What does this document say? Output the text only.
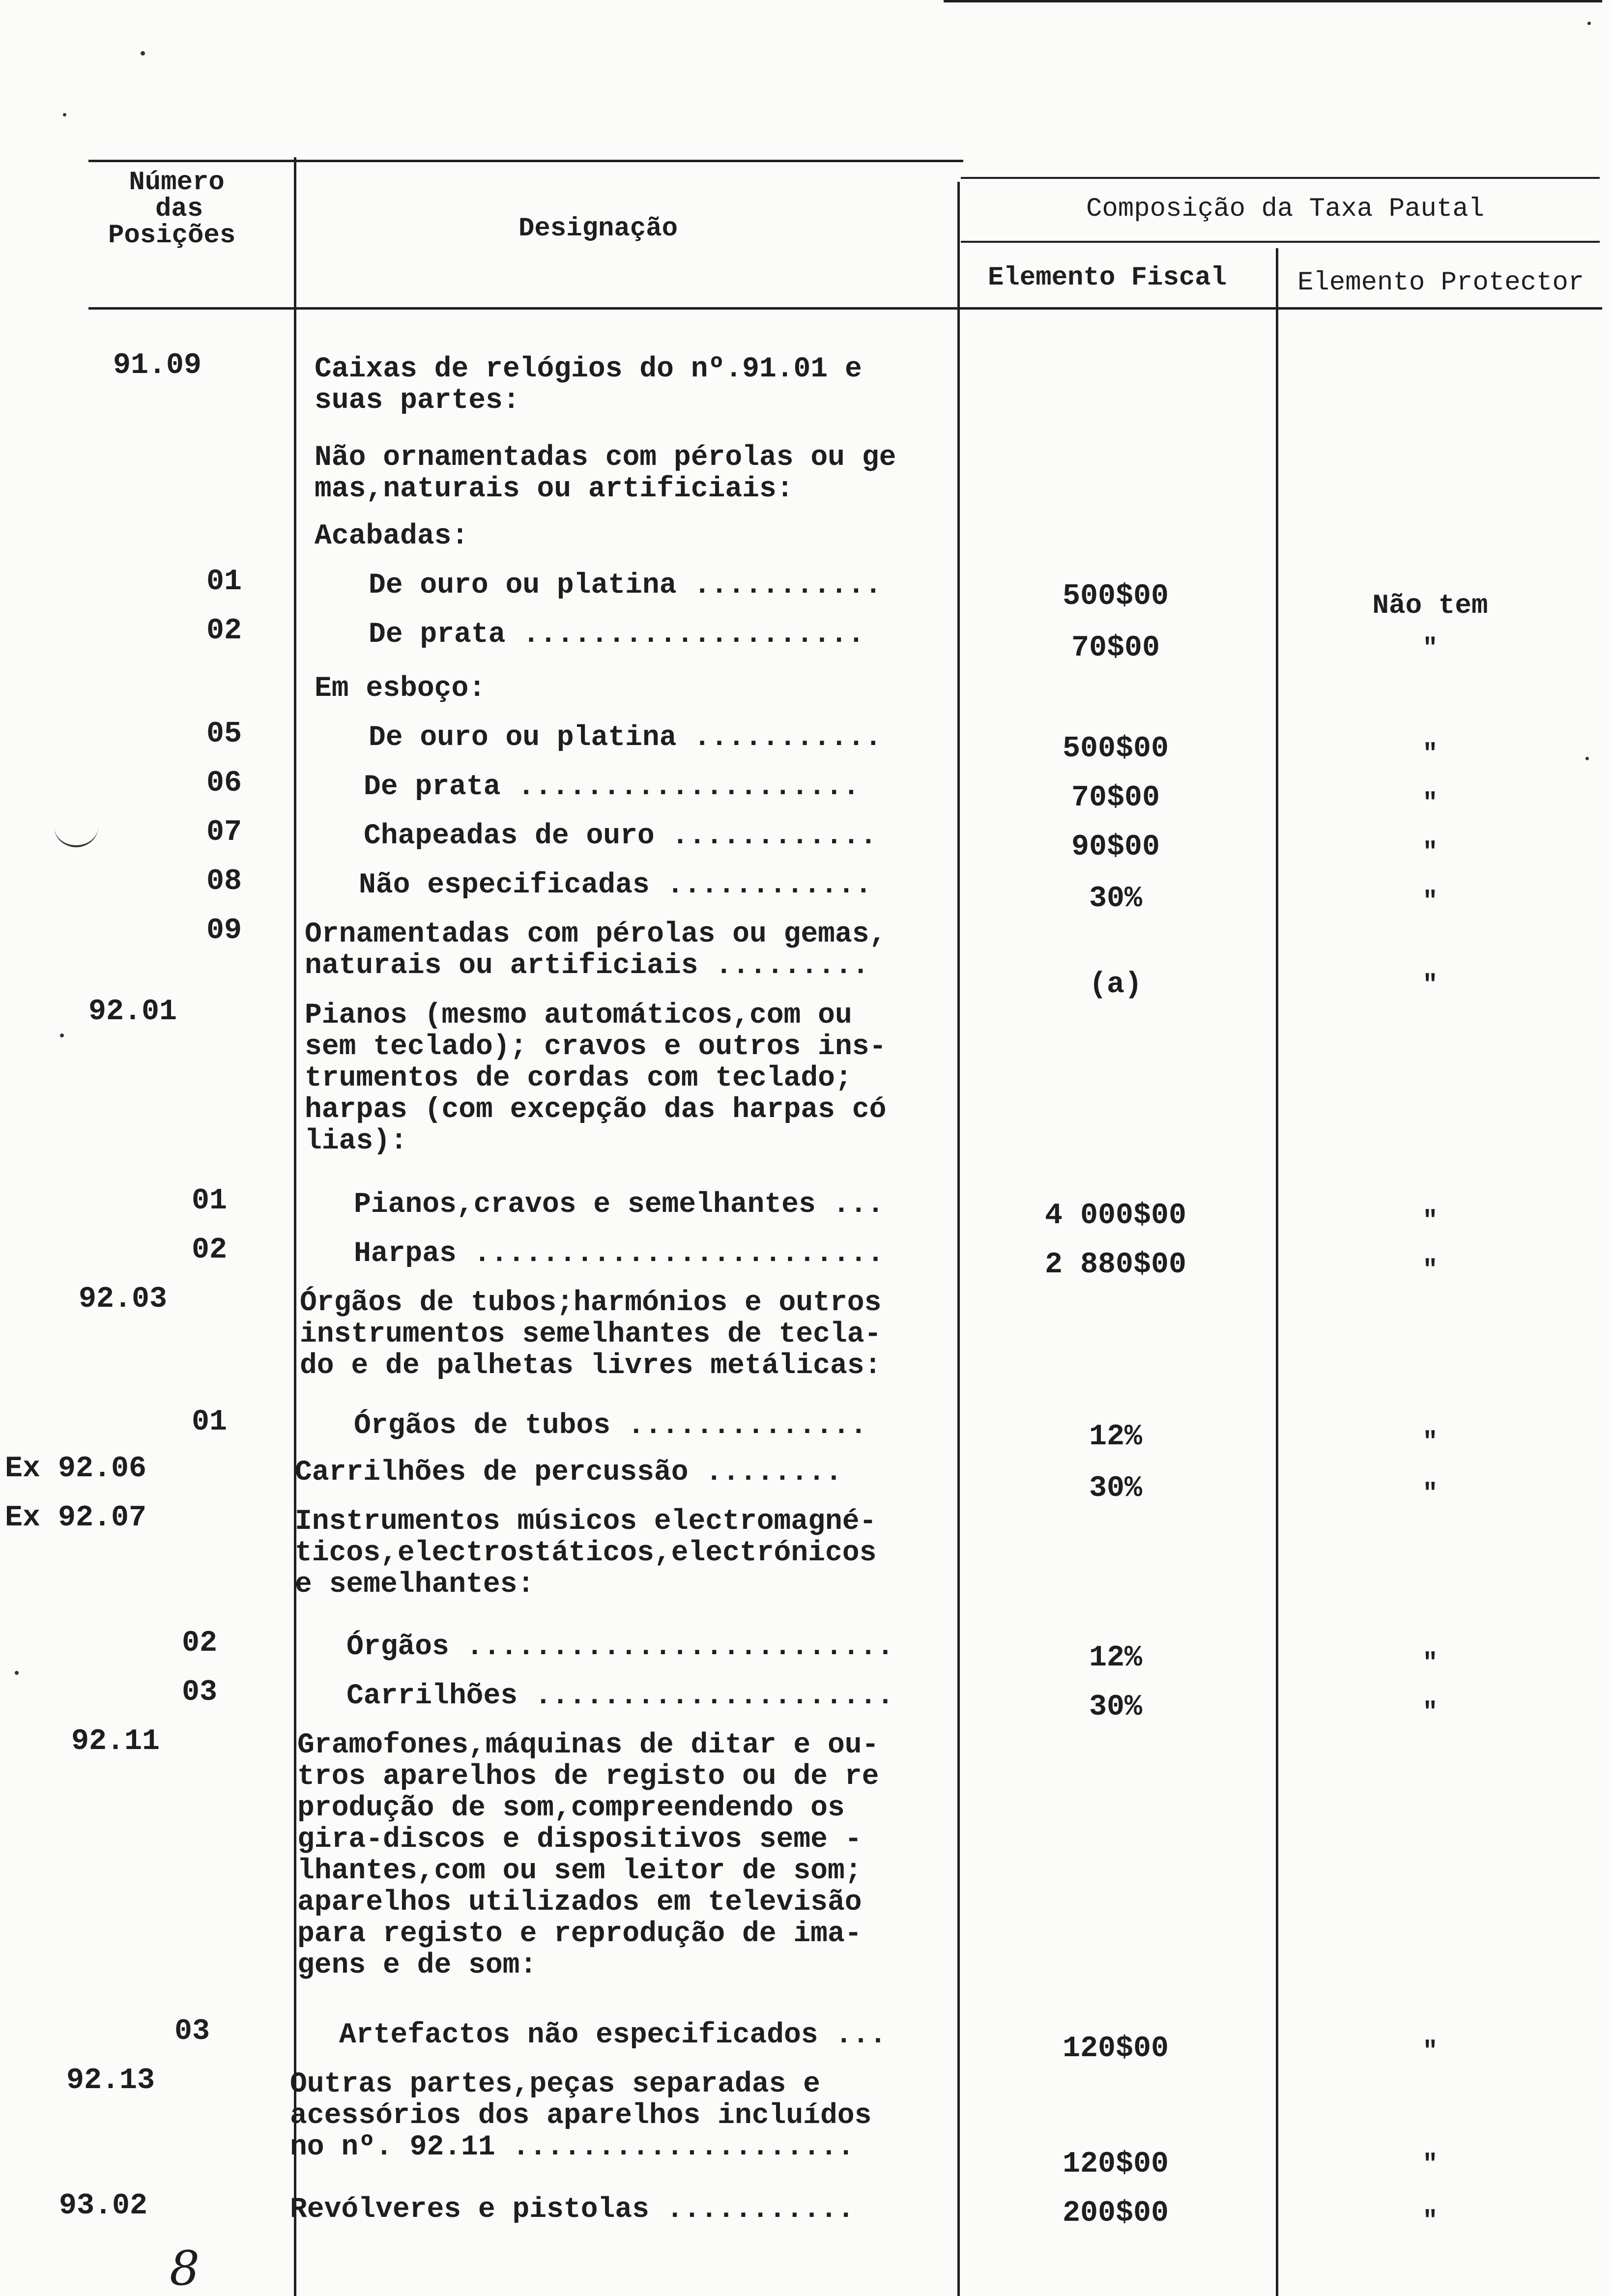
Número
das
Posições	Designação
Composição da Taxa Pautal
Elemento Fiscal	Elemento Protector
91.09	Caixas de relógios do nº.91.01 e
suas partes:
Não ornamentadas com pérolas ou ge
mas,naturais ou artificiais:
Acabadas:
01	De ouro ou platina ...........	500$00	Não tem
02	De prata ....................	70$00	"
Em esboço:
05	De ouro ou platina ...........	500$00	"
06	De prata ....................	70$00	"
07	Chapeadas de ouro ............	90$00	"
08	Não especificadas ............	30%	"
09 Ornamentadas com pérolas ou gemas,
naturais ou artificiais .........
(a)	"
92.01	Pianos (mesmo automáticos,com ou
sem teclado); cravos e outros ins-
trumentos de cordas com teclado;
harpas (com excepção das harpas có
lias):
01	Pianos,cravos e semelhantes ...	4 000$00	"
02	Harpas ........................	2 880$00	"
92.03	Órgãos de tubos;harmónios e outros
instrumentos semelhantes de tecla-
do e de palhetas livres metálicas:
01	Órgãos de tubos ..............	12%	"
Ex 92.06	Carrilhões de percussão ........	30%	"
Ex 92.07	Instrumentos músicos electromagné-
ticos,electrostáticos,electrónicos
e semelhantes:
02	Órgãos .........................	12%	"
03	Carrilhões .....................	30%	"
92.11	Gramofones,máquinas de ditar e ou-
tros aparelhos de registo ou de re
produção de som,compreendendo os
gira-discos e dispositivos seme -
lhantes,com ou sem leitor de som;
aparelhos utilizados em televisão
para registo e reprodução de ima-
gens e de som:
03	Artefactos não especificados ...	120$00	"
92.13	Outras partes,peças separadas e
acessórios dos aparelhos incluídos
no nº. 92.11 ....................
120$00	"
93.02	Revólveres e pistolas ...........	200$00	"
8
